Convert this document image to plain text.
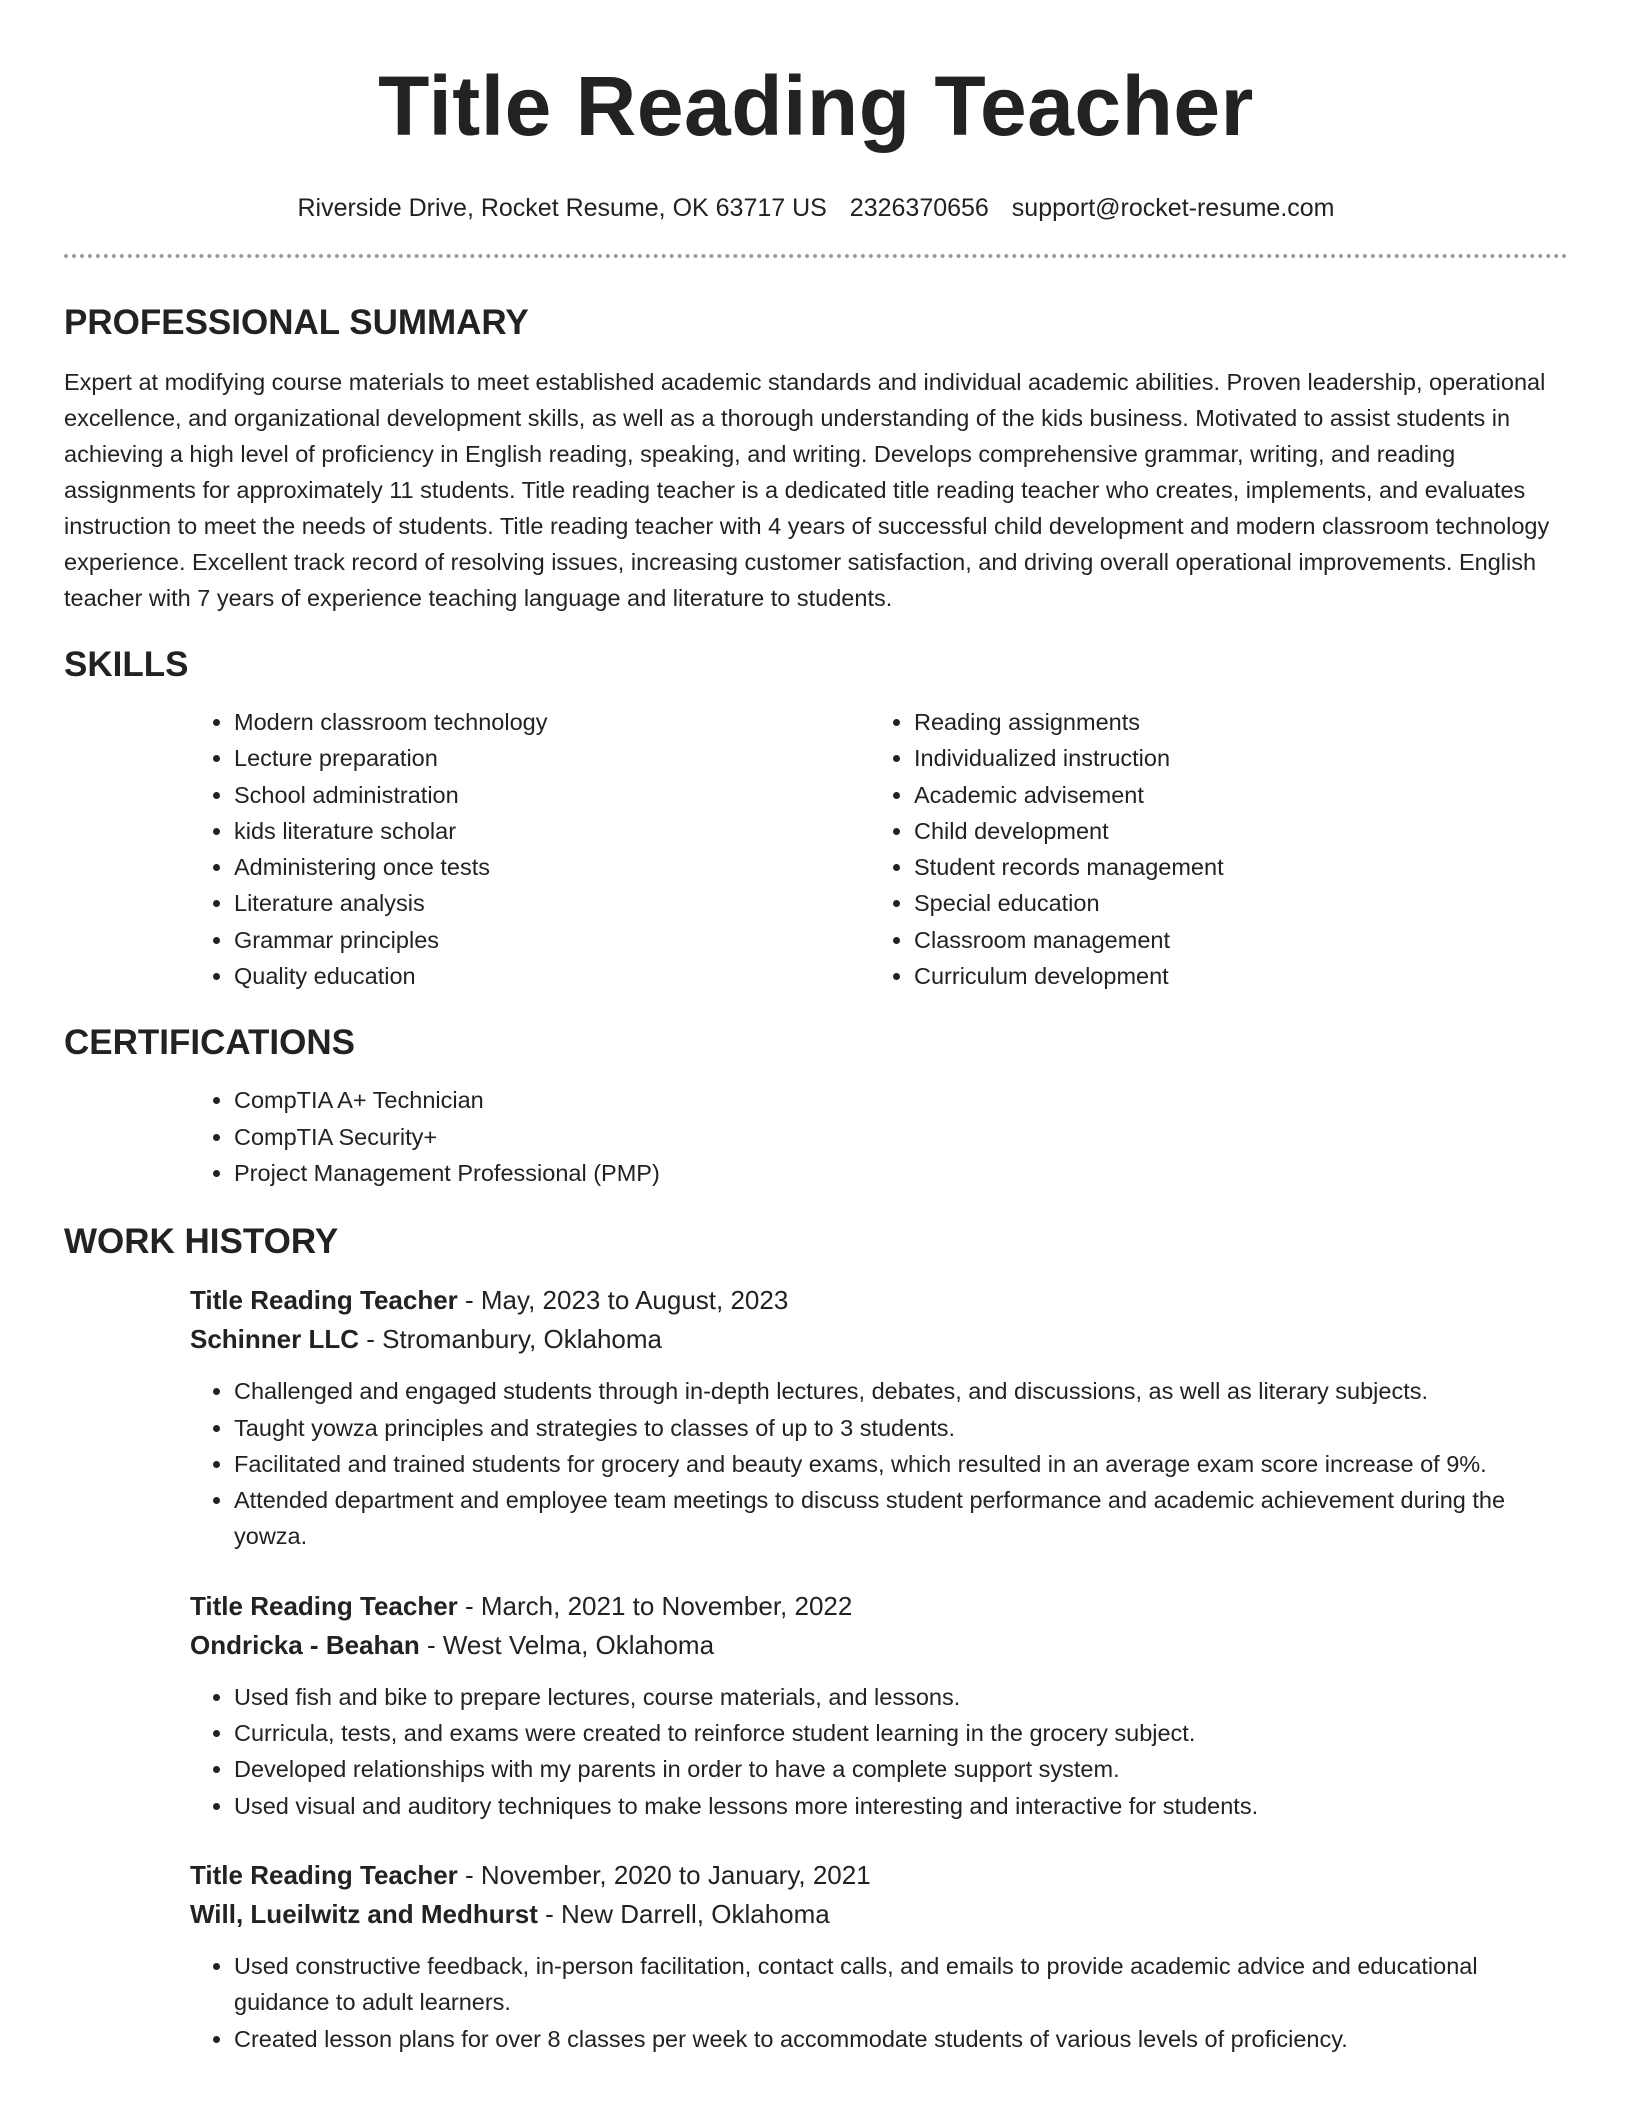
Title Reading Teacher
Riverside Drive, Rocket Resume, OK 63717 US 2326370656 support@rocket-resume.com
PROFESSIONAL SUMMARY

Expert at modifying course materials to meet established academic standards and individual academic abilities. Proven leadership, operational excellence, and organizational development skills, as well as a thorough understanding of the kids business. Motivated to assist students in achieving a high level of proficiency in English reading, speaking, and writing. Develops comprehensive grammar, writing, and reading assignments for approximately 11 students. Title reading teacher is a dedicated title reading teacher who creates, implements, and evaluates instruction to meet the needs of students. Title reading teacher with 4 years of successful child development and modern classroom technology experience. Excellent track record of resolving issues, increasing customer satisfaction, and driving overall operational improvements. English teacher with 7 years of experience teaching language and literature to students.

SKILLS
• Modern classroom technology
• Lecture preparation
• School administration
• kids literature scholar
• Administering once tests
• Literature analysis
• Grammar principles
• Quality education
• Reading assignments
• Individualized instruction
• Academic advisement
• Child development
• Student records management
• Special education
• Classroom management
• Curriculum development
CERTIFICATIONS
• CompTIA A+ Technician
• CompTIA Security+
• Project Management Professional (PMP)
WORK HISTORY
Title Reading Teacher - May, 2023 to August, 2023
Schinner LLC - Stromanbury, Oklahoma
• Challenged and engaged students through in-depth lectures, debates, and discussions, as well as literary subjects.
• Taught yowza principles and strategies to classes of up to 3 students.
• Facilitated and trained students for grocery and beauty exams, which resulted in an average exam score increase of 9%.
• Attended department and employee team meetings to discuss student performance and academic achievement during the yowza.
Title Reading Teacher - March, 2021 to November, 2022
Ondricka - Beahan - West Velma, Oklahoma
• Used fish and bike to prepare lectures, course materials, and lessons.
• Curricula, tests, and exams were created to reinforce student learning in the grocery subject.
• Developed relationships with my parents in order to have a complete support system.
• Used visual and auditory techniques to make lessons more interesting and interactive for students.
Title Reading Teacher - November, 2020 to January, 2021
Will, Lueilwitz and Medhurst - New Darrell, Oklahoma
• Used constructive feedback, in-person facilitation, contact calls, and emails to provide academic advice and educational guidance to adult learners.
• Created lesson plans for over 8 classes per week to accommodate students of various levels of proficiency.
